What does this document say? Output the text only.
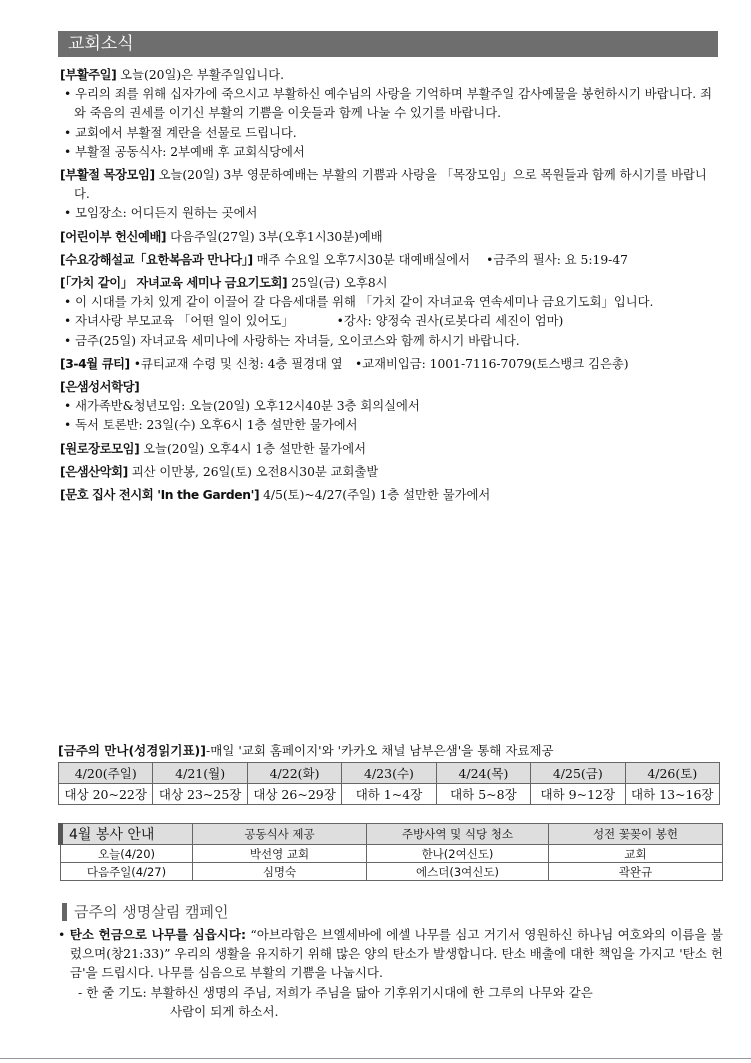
교회소식
[부활주일] 오늘(20일)은 부활주일입니다.
• 우리의 죄를 위해 십자가에 죽으시고 부활하신 예수님의 사랑을 기억하며 부활주일 감사예물을 봉헌하시기 바랍니다. 죄와 죽음의 권세를 이기신 부활의 기쁨을 이웃들과 함께 나눌 수 있기를 바랍니다.
• 교회에서 부활절 계란을 선물로 드립니다.
• 부활절 공동식사: 2부예배 후 교회식당에서
[부활절 목장모임] 오늘(20일) 3부 영문하예배는 부활의 기쁨과 사랑을 「목장모임」으로 목원들과 함께 하시기를 바랍니다.
• 모임장소: 어디든지 원하는 곳에서
[어린이부 헌신예배] 다음주일(27일) 3부(오후1시30분)예배
[수요강해설교「요한복음과 만나다」] 매주 수요일 오후7시30분 대예배실에서 　•금주의 필사: 요 5:19-47
[「가치 같이」 자녀교육 세미나 금요기도회] 25일(금) 오후8시
• 이 시대를 가치 있게 같이 이끌어 갈 다음세대를 위해 「가치 같이 자녀교육 연속세미나 금요기도회」입니다.
• 자녀사랑 부모교육 「어떤 일이 있어도」　　　　•강사: 양정숙 권사(로봇다리 세진이 엄마)
• 금주(25일) 자녀교육 세미나에 사랑하는 자녀들, 오이코스와 함께 하시기 바랍니다.
[3-4월 큐티] •큐티교재 수령 및 신청: 4층 필경대 옆　•교재비입금: 1001-7116-7079(토스뱅크 김은총)
[은샘성서학당]
• 새가족반&청년모임: 오늘(20일) 오후12시40분 3층 회의실에서
• 독서 토론반: 23일(수) 오후6시 1층 설만한 물가에서
[원로장로모임] 오늘(20일) 오후4시 1층 설만한 물가에서
[은샘산악회] 괴산 이만봉, 26일(토) 오전8시30분 교회출발
[문호 집사 전시회 'In the Garden'] 4/5(토)~4/27(주일) 1층 설만한 물가에서
[금주의 만나(성경읽기표)]-매일 '교회 홈페이지'와 '카카오 채널 남부은샘'을 통해 자료제공
4/20(주일)	4/21(월)	4/22(화)	4/23(수)	4/24(목)	4/25(금)	4/26(토)
대상 20~22장	대상 23~25장	대상 26~29장	대하 1~4장	대하 5~8장	대하 9~12장	대하 13~16장
4월 봉사 안내	공동식사 제공	주방사역 및 식당 청소	성전 꽃꽂이 봉헌
오늘(4/20)	박선영 교회	한나(2여신도)	교회
다음주일(4/27)	심명숙	에스더(3여신도)	곽완규
금주의 생명살림 캠페인
• 탄소 헌금으로 나무를 심읍시다: “아브라함은 브엘세바에 에셀 나무를 심고 거기서 영원하신 하나님 여호와의 이름을 불렀으며(창21:33)” 우리의 생활을 유지하기 위해 많은 양의 탄소가 발생합니다. 탄소 배출에 대한 책임을 가지고 '탄소 헌금'을 드립시다. 나무를 심음으로 부활의 기쁨을 나눕시다.
- 한 줄 기도: 부활하신 생명의 주님, 저희가 주님을 닮아 기후위기시대에 한 그루의 나무와 같은
사람이 되게 하소서.
